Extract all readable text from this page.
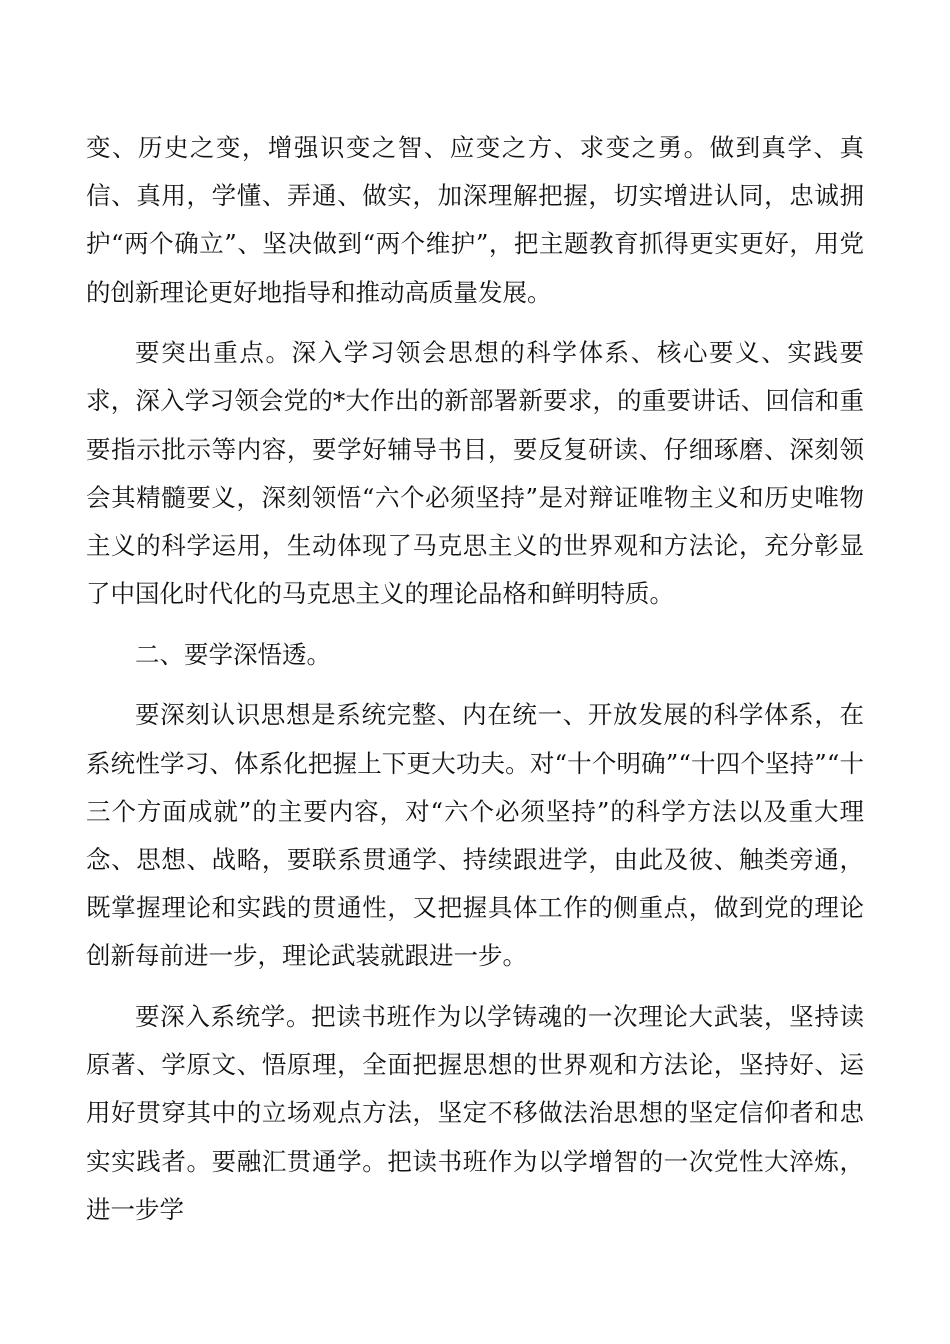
变、历史之变，增强识变之智、应变之方、求变之勇。做到真学、真信、真用，学懂、弄通、做实，加深理解把握，切实增进认同，忠诚拥护“两个确立”、坚决做到“两个维护”，把主题教育抓得更实更好，用党的创新理论更好地指导和推动高质量发展。

要突出重点。深入学习领会思想的科学体系、核心要义、实践要求，深入学习领会党的*大作出的新部署新要求，的重要讲话、回信和重要指示批示等内容，要学好辅导书目，要反复研读、仔细琢磨、深刻领会其精髓要义，深刻领悟“六个必须坚持”是对辩证唯物主义和历史唯物主义的科学运用，生动体现了马克思主义的世界观和方法论，充分彰显了中国化时代化的马克思主义的理论品格和鲜明特质。

二、要学深悟透。

要深刻认识思想是系统完整、内在统一、开放发展的科学体系，在系统性学习、体系化把握上下更大功夫。对“十个明确”“十四个坚持”“十三个方面成就”的主要内容，对“六个必须坚持”的科学方法以及重大理念、思想、战略，要联系贯通学、持续跟进学，由此及彼、触类旁通，既掌握理论和实践的贯通性，又把握具体工作的侧重点，做到党的理论创新每前进一步，理论武装就跟进一步。

要深入系统学。把读书班作为以学铸魂的一次理论大武装，坚持读原著、学原文、悟原理，全面把握思想的世界观和方法论，坚持好、运用好贯穿其中的立场观点方法，坚定不移做法治思想的坚定信仰者和忠实实践者。要融汇贯通学。把读书班作为以学增智的一次党性大淬炼，进一步学
